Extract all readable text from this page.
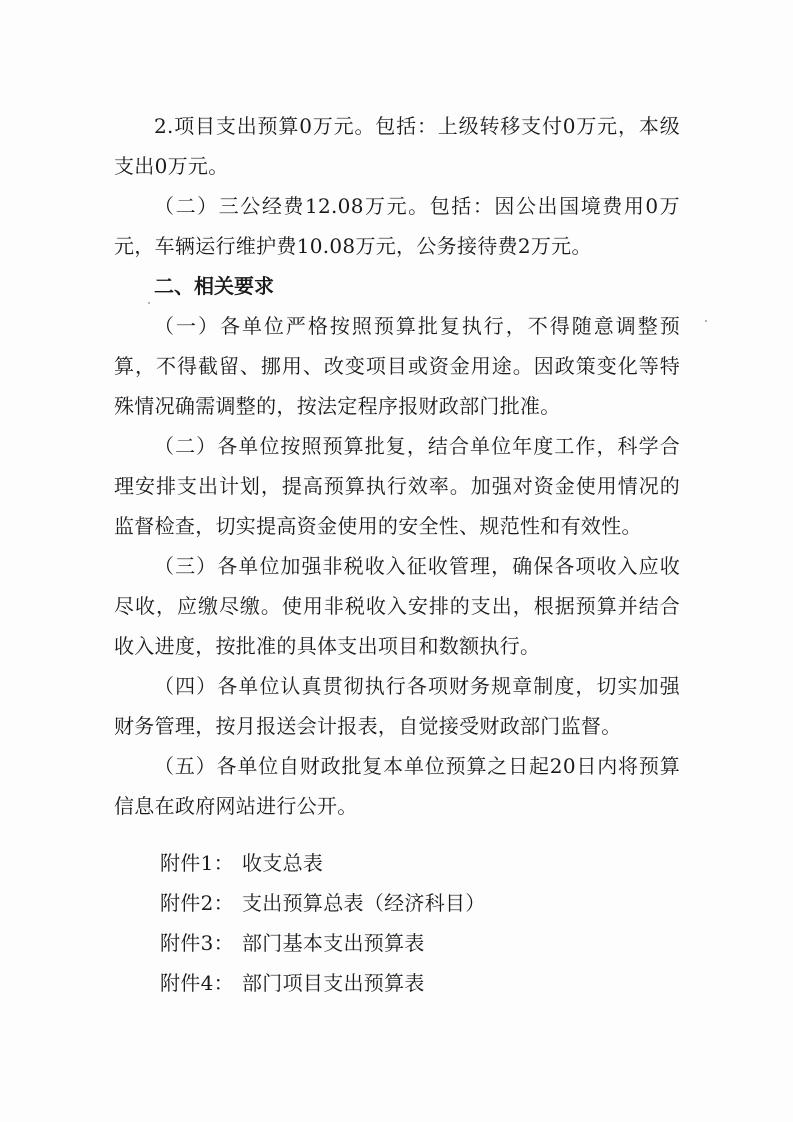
2.项目支出预算0万元。包括：上级转移支付0万元，本级支出0万元。

（二）三公经费12.08万元。包括：因公出国境费用0万元，车辆运行维护费10.08万元，公务接待费2万元。

二、相关要求

（一）各单位严格按照预算批复执行，不得随意调整预算，不得截留、挪用、改变项目或资金用途。因政策变化等特殊情况确需调整的，按法定程序报财政部门批准。

（二）各单位按照预算批复，结合单位年度工作，科学合理安排支出计划，提高预算执行效率。加强对资金使用情况的监督检查，切实提高资金使用的安全性、规范性和有效性。

（三）各单位加强非税收入征收管理，确保各项收入应收尽收，应缴尽缴。使用非税收入安排的支出，根据预算并结合收入进度，按批准的具体支出项目和数额执行。

（四）各单位认真贯彻执行各项财务规章制度，切实加强财务管理，按月报送会计报表，自觉接受财政部门监督。

（五）各单位自财政批复本单位预算之日起20日内将预算信息在政府网站进行公开。

附件1： 收支总表
附件2： 支出预算总表（经济科目）
附件3： 部门基本支出预算表
附件4： 部门项目支出预算表
